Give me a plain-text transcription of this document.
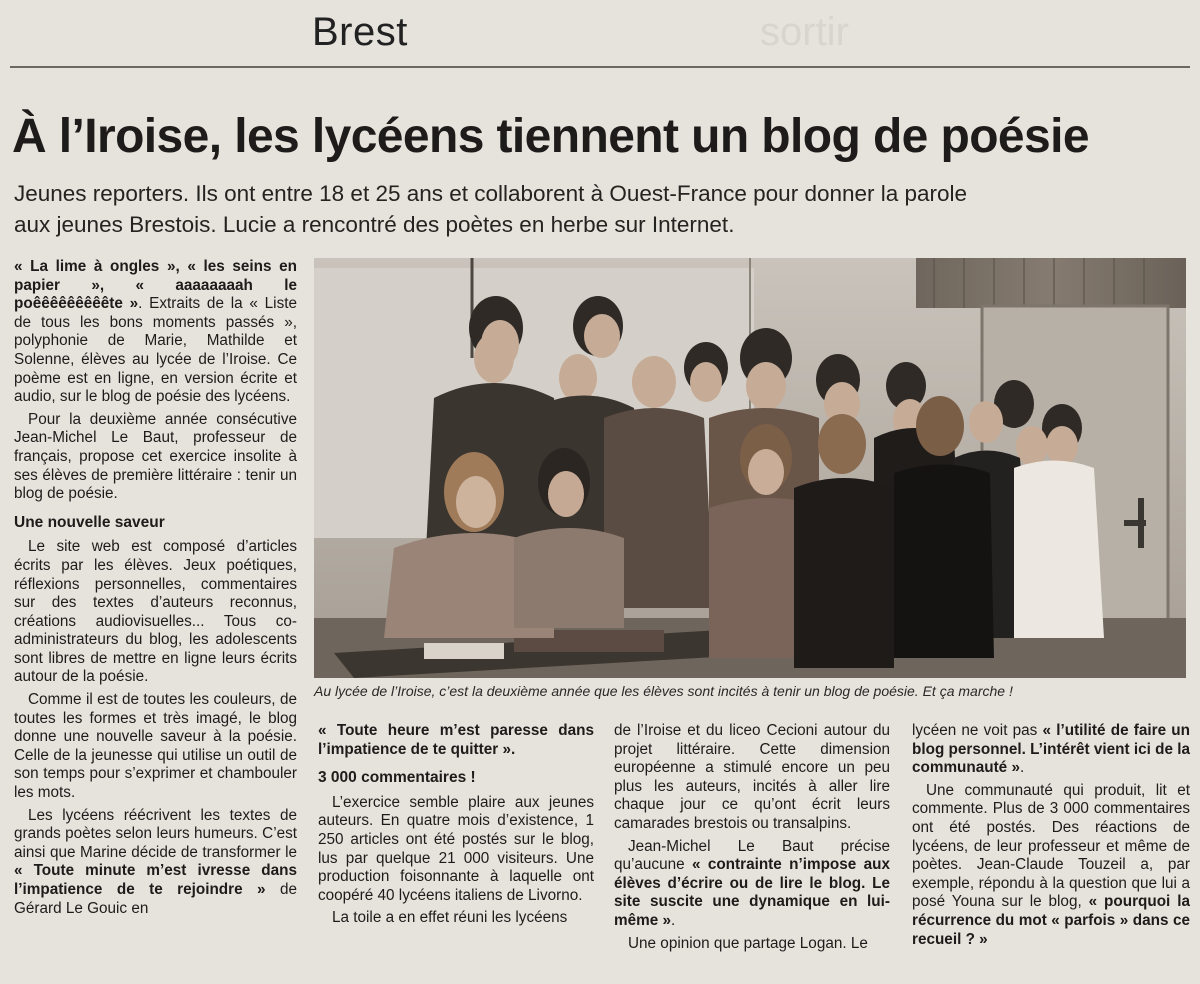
sortir
Brest
À l’Iroise, les lycéens tiennent un blog de poésie
Jeunes reporters. Ils ont entre 18 et 25 ans et collaborent à Ouest-France pour donner la parole
aux jeunes Brestois. Lucie a rencontré des poètes en herbe sur Internet.
Au lycée de l’Iroise, c’est la deuxième année que les élèves sont incités à tenir un blog de poésie. Et ça marche !

« La lime à ongles », « les seins en papier », « aaaaaaaah le poêêêêêêêêête ». Extraits de la « Liste de tous les bons moments passés », polyphonie de Marie, Mathilde et Solenne, élèves au lycée de l’Iroise. Ce poème est en ligne, en version écrite et audio, sur le blog de poésie des lycéens.

Pour la deuxième année consécutive Jean-Michel Le Baut, professeur de français, propose cet exercice insolite à ses élèves de première littéraire : tenir un blog de poésie.

Une nouvelle saveur

Le site web est composé d’articles écrits par les élèves. Jeux poétiques, réflexions personnelles, commentaires sur des textes d’auteurs reconnus, créations audiovisuelles... Tous co-administrateurs du blog, les adolescents sont libres de mettre en ligne leurs écrits autour de la poésie.

Comme il est de toutes les couleurs, de toutes les formes et très imagé, le blog donne une nouvelle saveur à la poésie. Celle de la jeunesse qui utilise un outil de son temps pour s’exprimer et chambouler les mots.

Les lycéens réécrivent les textes de grands poètes selon leurs humeurs. C’est ainsi que Marine décide de transformer le « Toute minute m’est ivresse dans l’impatience de te rejoindre » de Gérard Le Gouic en

« Toute heure m’est paresse dans l’impatience de te quitter ».

3 000 commentaires !

L’exercice semble plaire aux jeunes auteurs. En quatre mois d’existence, 1 250 articles ont été postés sur le blog, lus par quelque 21 000 visiteurs. Une production foisonnante à laquelle ont coopéré 40 lycéens italiens de Livorno.

La toile a en effet réuni les lycéens

de l’Iroise et du liceo Cecioni autour du projet littéraire. Cette dimension européenne a stimulé encore un peu plus les auteurs, incités à aller lire chaque jour ce qu’ont écrit leurs camarades brestois ou transalpins.

Jean-Michel Le Baut précise qu’aucune « contrainte n’impose aux élèves d’écrire ou de lire le blog. Le site suscite une dynamique en lui-même ».

Une opinion que partage Logan. Le

lycéen ne voit pas « l’utilité de faire un blog personnel. L’intérêt vient ici de la communauté ».

Une communauté qui produit, lit et commente. Plus de 3 000 commentaires ont été postés. Des réactions de lycéens, de leur professeur et même de poètes. Jean-Claude Touzeil a, par exemple, répondu à la question que lui a posé Youna sur le blog, « pourquoi la récurrence du mot « parfois » dans ce recueil ? »
